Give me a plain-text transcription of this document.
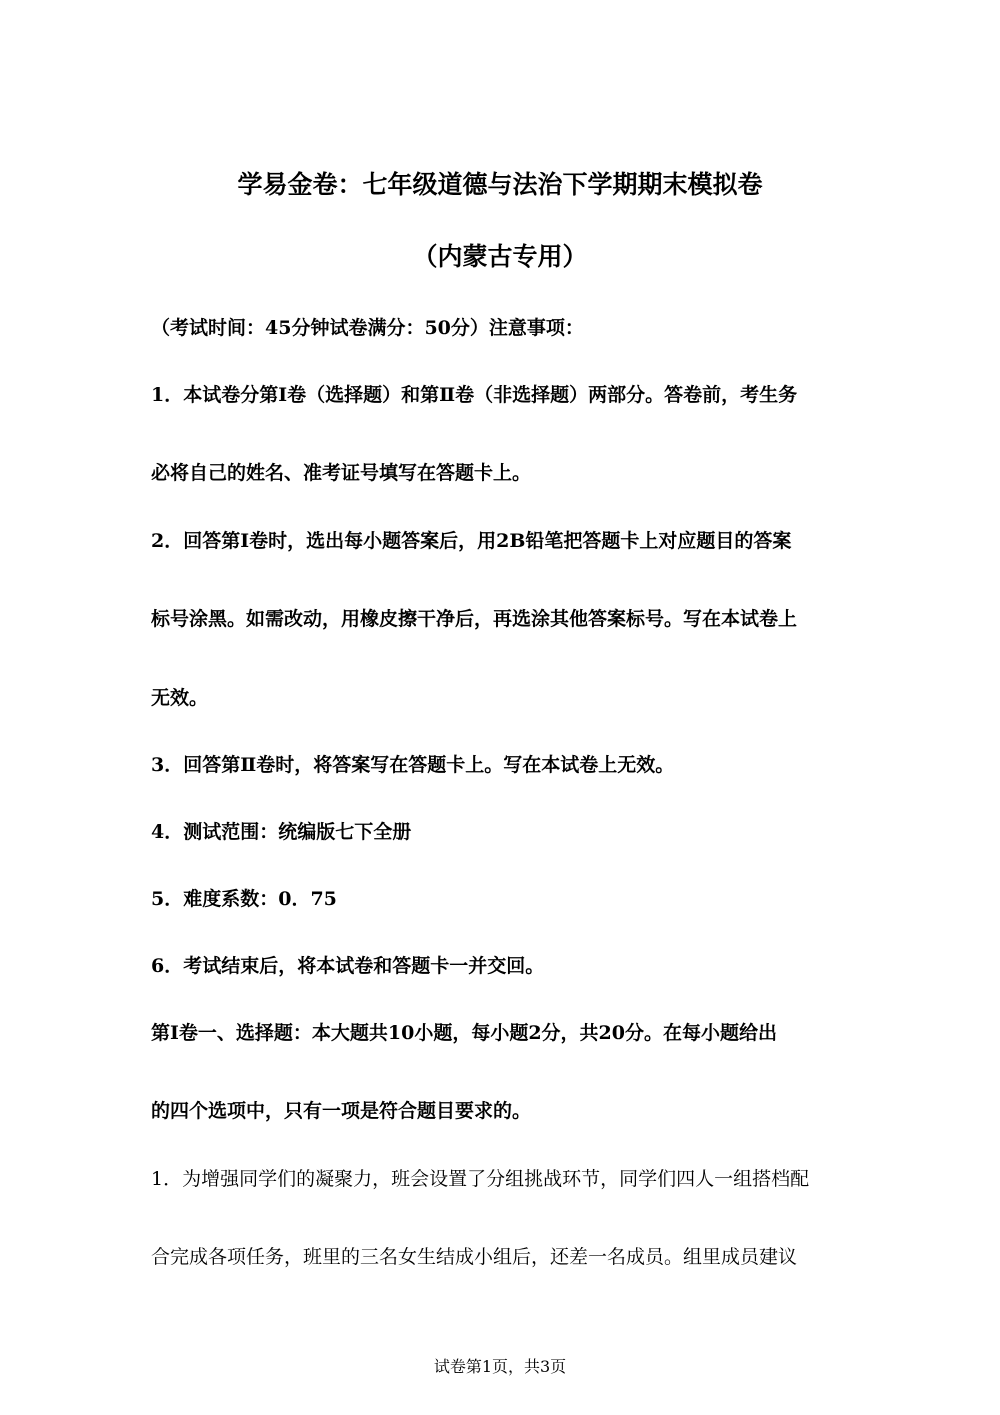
学易金卷：七年级道德与法治下学期期末模拟卷
（内蒙古专用）
（考试时间：45分钟试卷满分：50分）注意事项：
1．本试卷分第Ⅰ卷（选择题）和第Ⅱ卷（非选择题）两部分。答卷前，考生务
必将自己的姓名、准考证号填写在答题卡上。
2．回答第Ⅰ卷时，选出每小题答案后，用2B铅笔把答题卡上对应题目的答案
标号涂黑。如需改动，用橡皮擦干净后，再选涂其他答案标号。写在本试卷上
无效。
3．回答第Ⅱ卷时，将答案写在答题卡上。写在本试卷上无效。
4．测试范围：统编版七下全册
5．难度系数：0．75
6．考试结束后，将本试卷和答题卡一并交回。
第Ⅰ卷一、选择题：本大题共10小题，每小题2分，共20分。在每小题给出
的四个选项中，只有一项是符合题目要求的。
1．为增强同学们的凝聚力，班会设置了分组挑战环节，同学们四人一组搭档配
合完成各项任务，班里的三名女生结成小组后，还差一名成员。组里成员建议
试卷第1页，共3页
